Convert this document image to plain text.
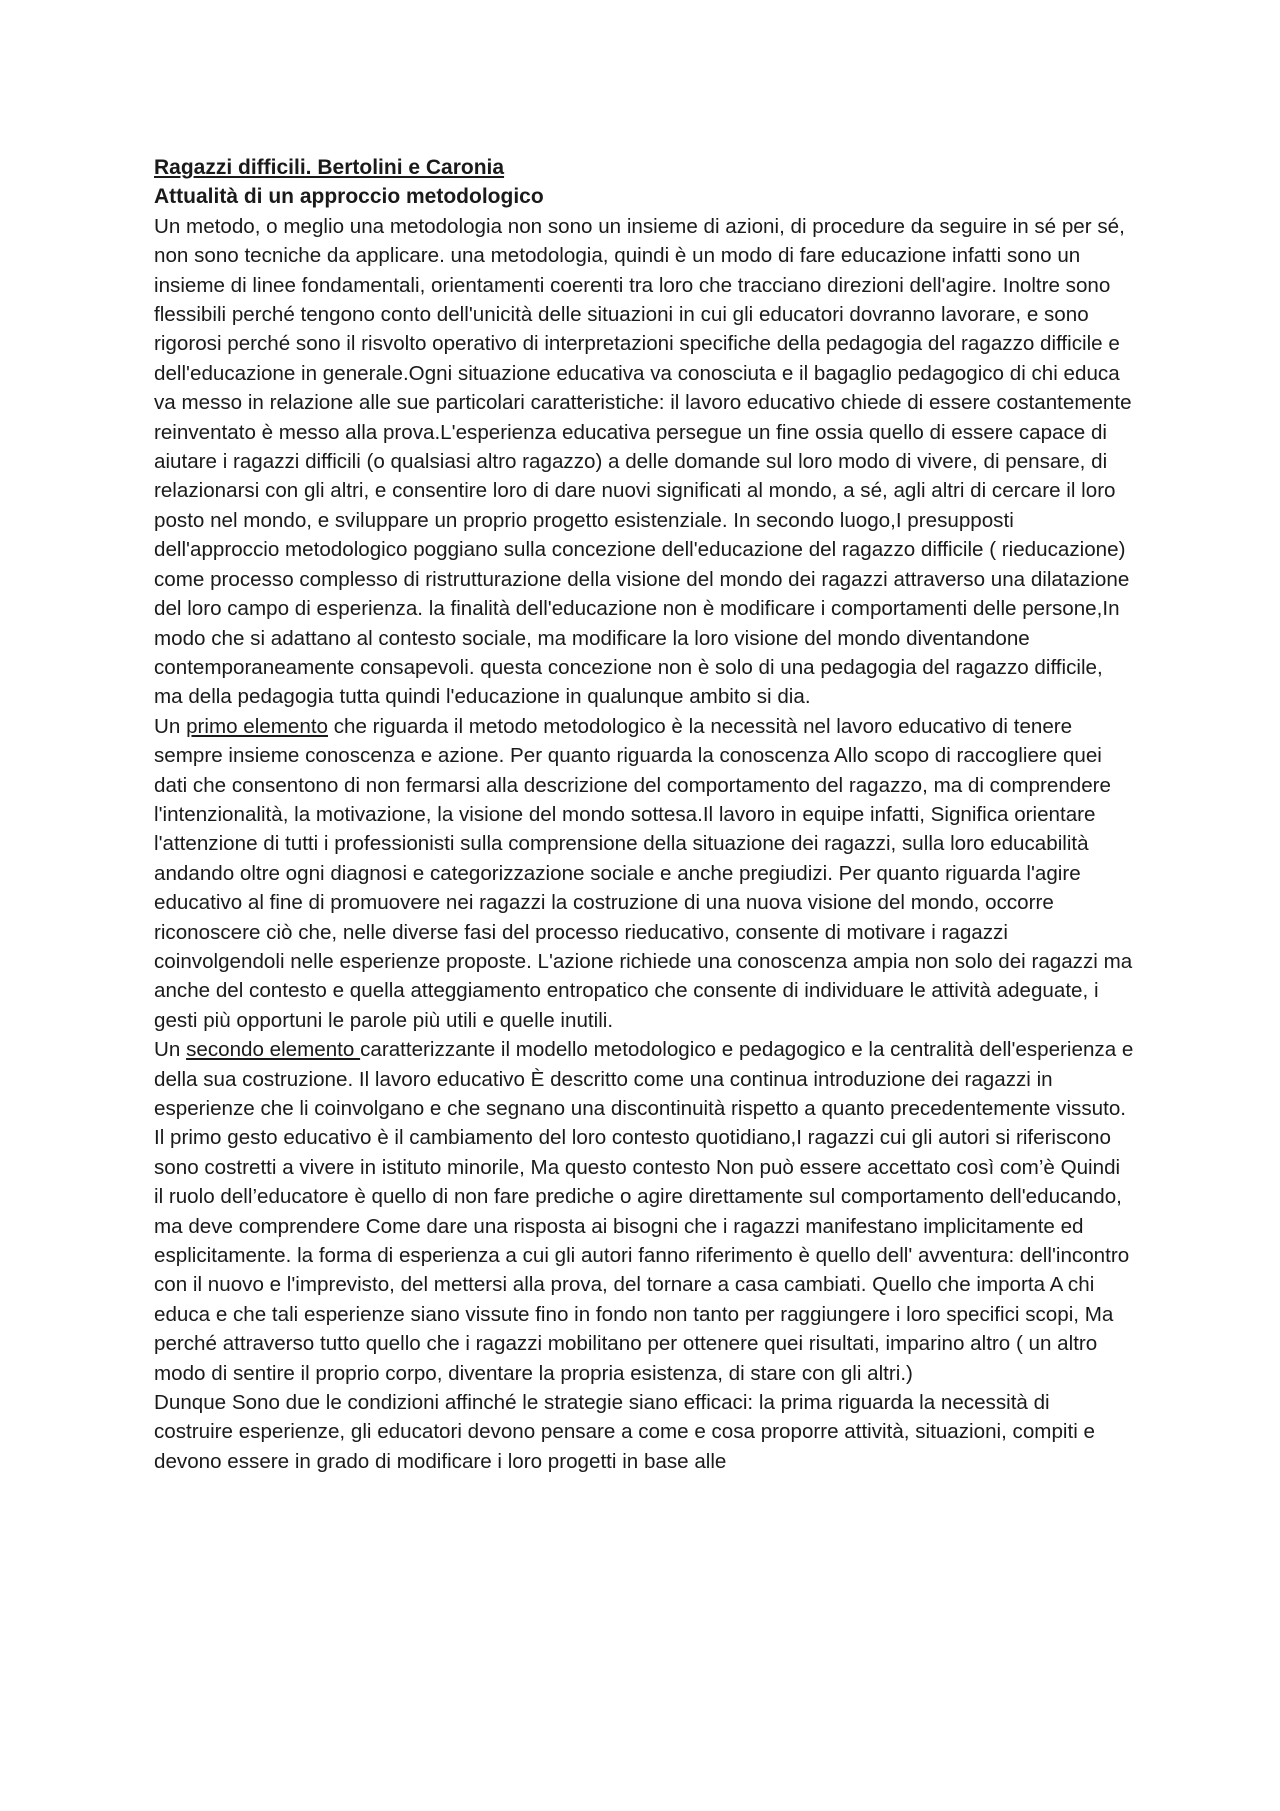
Ragazzi difficili. Bertolini e Caronia

Attualità di un approccio metodologico

Un metodo, o meglio una metodologia non sono un insieme di azioni, di procedure da seguire in sé per sé, non sono tecniche da applicare. una metodologia, quindi è un modo di fare educazione infatti sono un insieme di linee fondamentali, orientamenti coerenti tra loro che tracciano direzioni dell'agire. Inoltre sono flessibili perché tengono conto dell'unicità delle situazioni in cui gli educatori dovranno lavorare, e sono rigorosi perché sono il risvolto operativo di interpretazioni specifiche della pedagogia del ragazzo difficile e dell'educazione in generale.Ogni situazione educativa va conosciuta e il bagaglio pedagogico di chi educa va messo in relazione alle sue particolari caratteristiche: il lavoro educativo chiede di essere costantemente reinventato è messo alla prova.L'esperienza educativa persegue un fine ossia quello di essere capace di aiutare i ragazzi difficili (o qualsiasi altro ragazzo) a delle domande sul loro modo di vivere, di pensare, di relazionarsi con gli altri, e consentire loro di dare nuovi significati al mondo, a sé, agli altri di cercare il loro posto nel mondo, e sviluppare un proprio progetto esistenziale. In secondo luogo,I presupposti dell'approccio metodologico poggiano sulla concezione dell'educazione del ragazzo difficile ( rieducazione) come processo complesso di ristrutturazione della visione del mondo dei ragazzi attraverso una dilatazione del loro campo di esperienza. la finalità dell'educazione non è modificare i comportamenti delle persone,In modo che si adattano al contesto sociale, ma modificare la loro visione del mondo diventandone contemporaneamente consapevoli. questa concezione non è solo di una pedagogia del ragazzo difficile, ma della pedagogia tutta quindi l'educazione in qualunque ambito si dia.

Un primo elemento che riguarda il metodo metodologico è la necessità nel lavoro educativo di tenere sempre insieme conoscenza e azione. Per quanto riguarda la conoscenza Allo scopo di raccogliere quei dati che consentono di non fermarsi alla descrizione del comportamento del ragazzo, ma di comprendere l'intenzionalità, la motivazione, la visione del mondo sottesa.Il lavoro in equipe infatti, Significa orientare l'attenzione di tutti i professionisti sulla comprensione della situazione dei ragazzi, sulla loro educabilità andando oltre ogni diagnosi e categorizzazione sociale e anche pregiudizi. Per quanto riguarda l'agire educativo al fine di promuovere nei ragazzi la costruzione di una nuova visione del mondo, occorre riconoscere ciò che, nelle diverse fasi del processo rieducativo, consente di motivare i ragazzi coinvolgendoli nelle esperienze proposte. L'azione richiede una conoscenza ampia non solo dei ragazzi ma anche del contesto e quella atteggiamento entropatico che consente di individuare le attività adeguate, i gesti più opportuni le parole più utili e quelle inutili.

Un secondo elemento caratterizzante il modello metodologico e pedagogico e la centralità dell'esperienza e della sua costruzione. Il lavoro educativo È descritto come una continua introduzione dei ragazzi in esperienze che li coinvolgano e che segnano una discontinuità rispetto a quanto precedentemente vissuto. Il primo gesto educativo è il cambiamento del loro contesto quotidiano,I ragazzi cui gli autori si riferiscono sono costretti a vivere in istituto minorile, Ma questo contesto Non può essere accettato così com’è Quindi il ruolo dell’educatore è quello di non fare prediche o agire direttamente sul comportamento dell'educando, ma deve comprendere Come dare una risposta ai bisogni che i ragazzi manifestano implicitamente ed esplicitamente. la forma di esperienza a cui gli autori fanno riferimento è quello dell' avventura: dell'incontro con il nuovo e l'imprevisto, del mettersi alla prova, del tornare a casa cambiati. Quello che importa A chi educa e che tali esperienze siano vissute fino in fondo non tanto per raggiungere i loro specifici scopi, Ma perché attraverso tutto quello che i ragazzi mobilitano per ottenere quei risultati, imparino altro ( un altro modo di sentire il proprio corpo, diventare la propria esistenza, di stare con gli altri.)

Dunque Sono due le condizioni affinché le strategie siano efficaci: la prima riguarda la necessità di costruire esperienze, gli educatori devono pensare a come e cosa proporre attività, situazioni, compiti e devono essere in grado di modificare i loro progetti in base alle
